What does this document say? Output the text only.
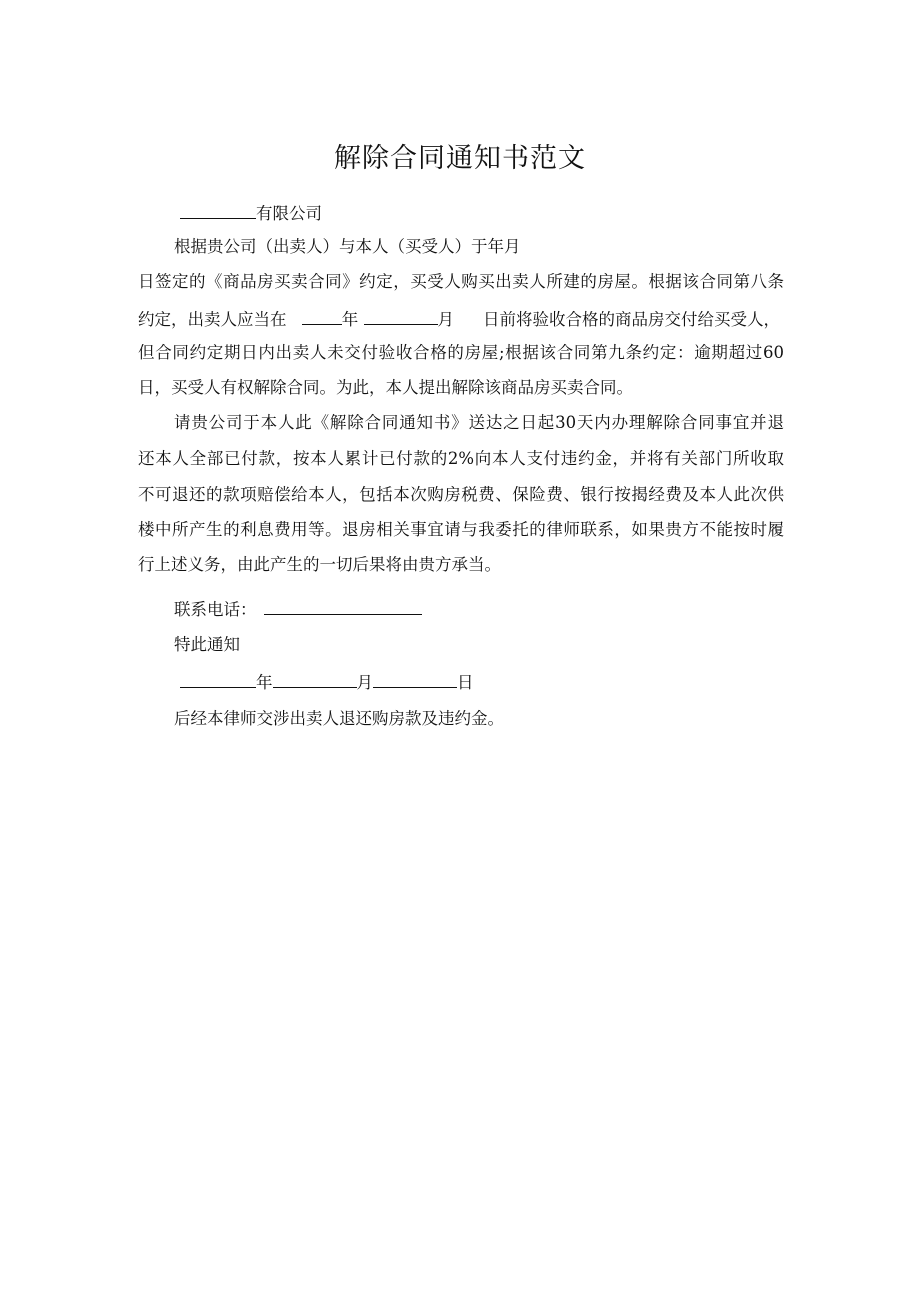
解除合同通知书范文
有限公司
根据贵公司（出卖人）与本人（买受人）于年月
日签定的《商品房买卖合同》约定，买受人购买出卖人所建的房屋。根据该合同第八条
约定，出卖人应当在	年	月 日前将验收合格的商品房交付给买受人，
但合同约定期日内出卖人未交付验收合格的房屋;根据该合同第九条约定：逾期超过60
日，买受人有权解除合同。为此，本人提出解除该商品房买卖合同。
请贵公司于本人此《解除合同通知书》送达之日起30天内办理解除合同事宜并退
还本人全部已付款，按本人累计已付款的2%向本人支付违约金，并将有关部门所收取
不可退还的款项赔偿给本人，包括本次购房税费、保险费、银行按揭经费及本人此次供
楼中所产生的利息费用等。退房相关事宜请与我委托的律师联系，如果贵方不能按时履
行上述义务，由此产生的一切后果将由贵方承当。
联系电话：
特此通知
年	月	日
后经本律师交涉出卖人退还购房款及违约金。
